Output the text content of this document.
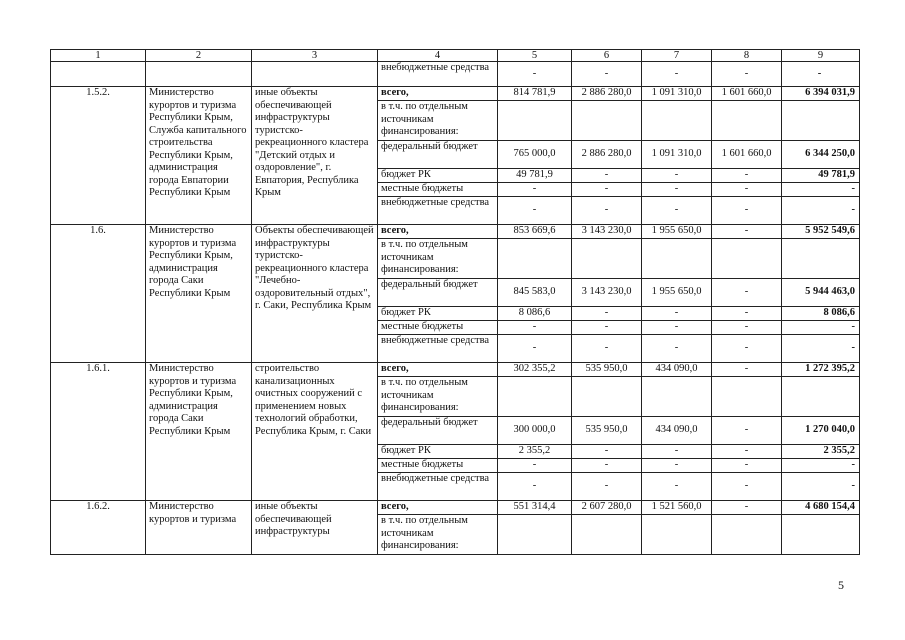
1	2	3	4	5	6	7	8	9
			внебюджетные средства	-	-	-	-	-
1.5.2.	Министерство курортов и туризма Республики Крым, Служба капитального строительства Республики Крым, администрация города Евпатории Республики Крым	иные объекты обеспечивающей инфраструктуры туристско-рекреационного кластера "Детский отдых и оздоровление", г. Евпатория, Республика Крым	всего,	814 781,9	2 886 280,0	1 091 310,0	1 601 660,0	6 394 031,9
			в т.ч. по отдельным источникам финансирования:					
			федеральный бюджет	765 000,0	2 886 280,0	1 091 310,0	1 601 660,0	6 344 250,0
			бюджет РК	49 781,9	-	-	-	49 781,9
			местные бюджеты	-	-	-	-	-
			внебюджетные средства	-	-	-	-	-
1.6.	Министерство курортов и туризма Республики Крым, администрация города Саки Республики Крым	Объекты обеспечивающей инфраструктуры туристско-рекреационного кластера "Лечебно-оздоровительный отдых", г. Саки, Республика Крым	всего,	853 669,6	3 143 230,0	1 955 650,0	-	5 952 549,6
			в т.ч. по отдельным источникам финансирования:					
			федеральный бюджет	845 583,0	3 143 230,0	1 955 650,0	-	5 944 463,0
			бюджет РК	8 086,6	-	-	-	8 086,6
			местные бюджеты	-	-	-	-	-
			внебюджетные средства	-	-	-	-	-
1.6.1.	Министерство курортов и туризма Республики Крым, администрация города Саки Республики Крым	строительство канализационных очистных сооружений с применением новых технологий обработки, Республика Крым, г. Саки	всего,	302 355,2	535 950,0	434 090,0	-	1 272 395,2
			в т.ч. по отдельным источникам финансирования:					
			федеральный бюджет	300 000,0	535 950,0	434 090,0	-	1 270 040,0
			бюджет РК	2 355,2	-	-	-	2 355,2
			местные бюджеты	-	-	-	-	-
			внебюджетные средства	-	-	-	-	-
1.6.2.	Министерство курортов и туризма	иные объекты обеспечивающей инфраструктуры	всего,	551 314,4	2 607 280,0	1 521 560,0	-	4 680 154,4
			в т.ч. по отдельным источникам финансирования:					
5
